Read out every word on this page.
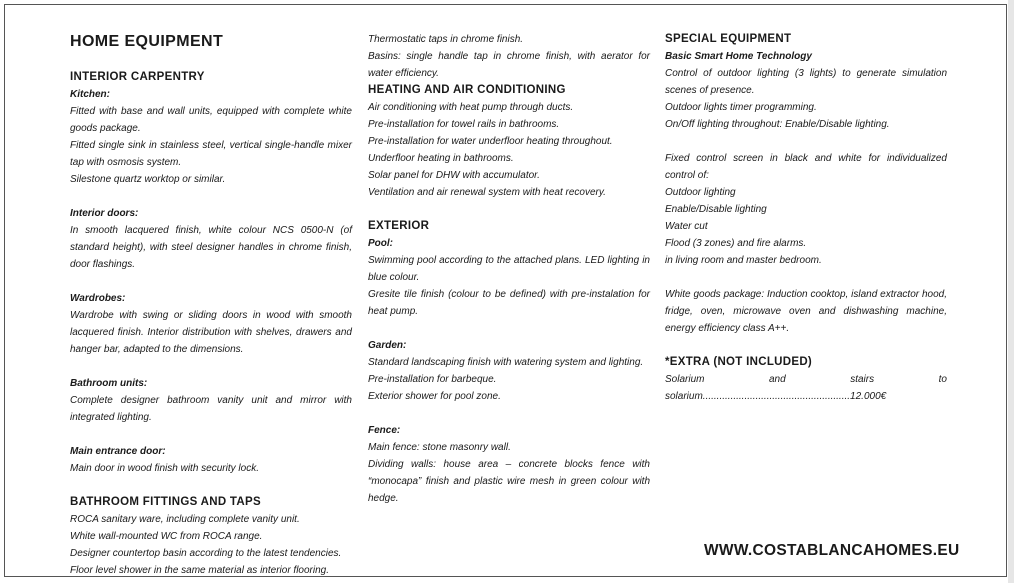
HOME EQUIPMENT
INTERIOR CARPENTRY
Kitchen:

Fitted with base and wall units, equipped with complete white goods package.

Fitted single sink in stainless steel, vertical single-handle mixer tap with osmosis system.

Silestone quartz worktop or similar.

Interior doors:

In smooth lacquered finish, white colour NCS 0500-N (of standard height), with steel designer handles in chrome finish, door flashings.

Wardrobes:

Wardrobe with swing or sliding doors in wood with smooth lacquered finish. Interior distribution with shelves, drawers and hanger bar, adapted to the dimensions.

Bathroom units:

Complete designer bathroom vanity unit and mirror with integrated lighting.

Main entrance door:

Main door in wood finish with security lock.

BATHROOM FITTINGS AND TAPS

ROCA sanitary ware, including complete vanity unit.

White wall-mounted WC from ROCA range.

Designer countertop basin according to the latest tendencies.

Floor level shower in the same material as interior flooring.

Thermostatic taps in chrome finish.

Basins: single handle tap in chrome finish, with aerator for water efficiency.

HEATING AND AIR CONDITIONING

Air conditioning with heat pump through ducts.

Pre-installation for towel rails in bathrooms.

Pre-installation for water underfloor heating throughout.

Underfloor heating in bathrooms.

Solar panel for DHW with accumulator.

Ventilation and air renewal system with heat recovery.

EXTERIOR
Pool:

Swimming pool according to the attached plans. LED lighting in blue colour.

Gresite tile finish (colour to be defined) with pre-instalation for heat pump.

Garden:

Standard landscaping finish with watering system and lighting.

Pre-installation for barbeque.

Exterior shower for pool zone.

Fence:

Main fence: stone masonry wall.

Dividing walls: house area – concrete blocks fence with “monocapa” finish and plastic wire mesh in green colour with hedge.

SPECIAL EQUIPMENT
Basic Smart Home Technology

Control of outdoor lighting (3 lights) to generate simulation scenes of presence.

Outdoor lights timer programming.

On/Off lighting throughout: Enable/Disable lighting.

Fixed control screen in black and white for individualized control of:

Outdoor lighting

Enable/Disable lighting

Water cut

Flood (3 zones) and fire alarms.

in living room and master bedroom.

White goods package: Induction cooktop, island extractor hood, fridge, oven, microwave oven and dishwashing machine, energy efficiency class A++.

*EXTRA (NOT INCLUDED)

Solarium and stairs to solarium.....................................................12.000€

WWW.COSTABLANCAHOMES.EU
